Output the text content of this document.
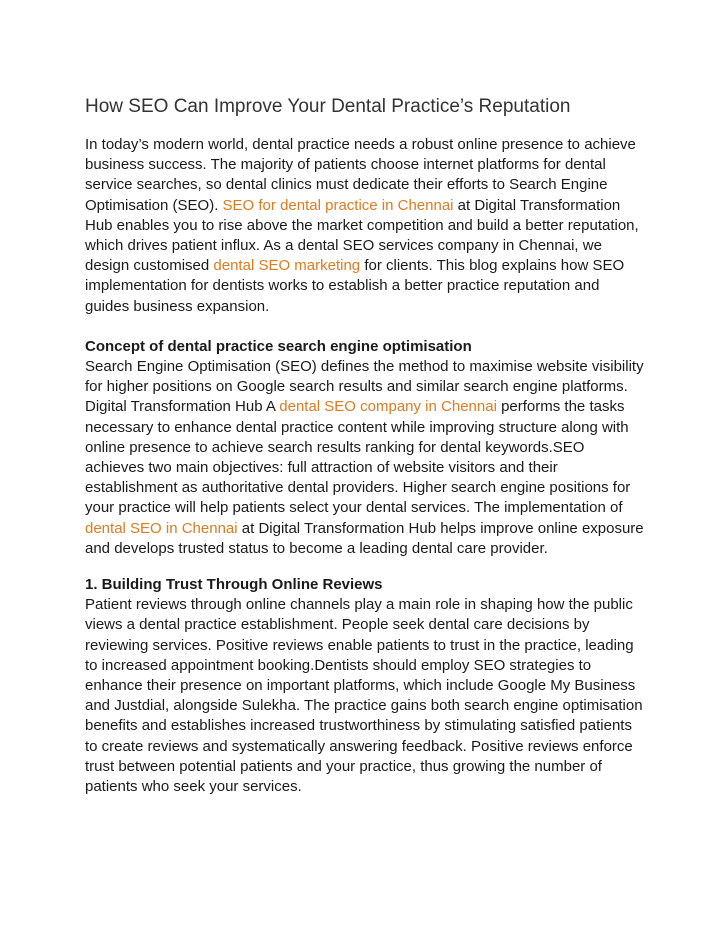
How SEO Can Improve Your Dental Practice’s Reputation

In today’s modern world, dental practice needs a robust online presence to achieve business success. The majority of patients choose internet platforms for dental service searches, so dental clinics must dedicate their efforts to Search Engine Optimisation (SEO). SEO for dental practice in Chennai at Digital Transformation Hub enables you to rise above the market competition and build a better reputation, which drives patient influx. As a dental SEO services company in Chennai, we design customised dental SEO marketing for clients. This blog explains how SEO implementation for dentists works to establish a better practice reputation and guides business expansion.

Concept of dental practice search engine optimisation

Search Engine Optimisation (SEO) defines the method to maximise website visibility for higher positions on Google search results and similar search engine platforms. Digital Transformation Hub A dental SEO company in Chennai performs the tasks necessary to enhance dental practice content while improving structure along with online presence to achieve search results ranking for dental keywords.SEO achieves two main objectives: full attraction of website visitors and their establishment as authoritative dental providers. Higher search engine positions for your practice will help patients select your dental services. The implementation of dental SEO in Chennai at Digital Transformation Hub helps improve online exposure and develops trusted status to become a leading dental care provider.

1. Building Trust Through Online Reviews

Patient reviews through online channels play a main role in shaping how the public views a dental practice establishment. People seek dental care decisions by reviewing services. Positive reviews enable patients to trust in the practice, leading to increased appointment booking.Dentists should employ SEO strategies to enhance their presence on important platforms, which include Google My Business and Justdial, alongside Sulekha. The practice gains both search engine optimisation benefits and establishes increased trustworthiness by stimulating satisfied patients to create reviews and systematically answering feedback. Positive reviews enforce trust between potential patients and your practice, thus growing the number of patients who seek your services.
